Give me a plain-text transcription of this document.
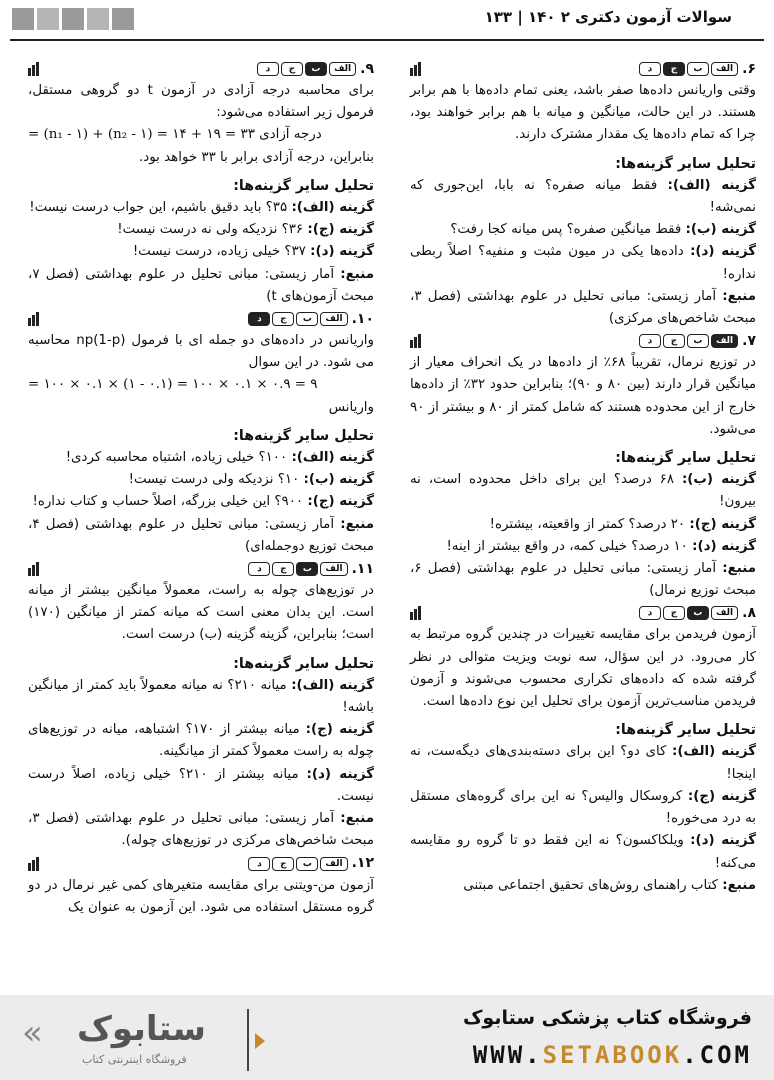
سوالات آزمون دکتری ۲ ۱۴۰ | ۱۳۳
۶.
الف
ب
ج
د

وقتی واریانس داده‌ها صفر باشد، یعنی تمام داده‌ها با هم برابر هستند. در این حالت، میانگین و میانه با هم برابر خواهند بود، چرا که تمام داده‌ها یک مقدار مشترک دارند.

تحلیل سایر گزینه‌ها:

گزینه (الف): فقط میانه صفره؟ نه بابا، این‌جوری که نمی‌شه!

گزینه (ب): فقط میانگین صفره؟ پس میانه کجا رفت؟

گزینه (د): داده‌ها یکی در میون مثبت و منفیه؟ اصلاً ربطی نداره!

منبع: آمار زیستی: مبانی تحلیل در علوم بهداشتی (فصل ۳، مبحث شاخص‌های مرکزی)

۷.
الف
ب
ج
د

در توزیع نرمال، تقریباً ۶۸٪ از داده‌ها در یک انحراف معیار از میانگین قرار دارند (بین ۸۰ و ۹۰)؛ بنابراین حدود ۳۲٪ از داده‌ها خارج از این محدوده هستند که شامل کمتر از ۸۰ و بیشتر از ۹۰ می‌شود.

تحلیل سایر گزینه‌ها:

گزینه (ب): ۶۸ درصد؟ این برای داخل محدوده است، نه بیرون!

گزینه (ج): ۲۰ درصد؟ کمتر از واقعیته، بیشتره!

گزینه (د): ۱۰ درصد؟ خیلی کمه، در واقع بیشتر از اینه!

منبع: آمار زیستی: مبانی تحلیل در علوم بهداشتی (فصل ۶، مبحث توزیع نرمال)

۸.
الف
ب
ج
د

آزمون فریدمن برای مقایسه تغییرات در چندین گروه مرتبط به کار می‌رود. در این سؤال، سه نوبت ویزیت متوالی در نظر گرفته شده که داده‌های تکراری محسوب می‌شوند و آزمون فریدمن مناسب‌ترین آزمون برای تحلیل این نوع داده‌ها است.

تحلیل سایر گزینه‌ها:

گزینه (الف): کای دو؟ این برای دسته‌بندی‌های دیگه‌ست، نه اینجا!

گزینه (ج): کروسکال والیس؟ نه این برای گروه‌های مستقل به درد می‌خوره!

گزینه (د): ویلکاکسون؟ نه این فقط دو تا گروه رو مقایسه می‌کنه!

منبع: کتاب راهنمای روش‌های تحقیق اجتماعی مبتنی

۹.
الف
ب
ج
د

برای محاسبه درجه آزادی در آزمون t دو گروهی مستقل، فرمول زیر استفاده می‌شود:

= (n₁ - ۱) + (n₂ - ۱) = ۱۴ + ۱۹ = ۳۳ درجه آزادی

بنابراین، درجه آزادی برابر با ۳۳ خواهد بود.

تحلیل سایر گزینه‌ها:

گزینه (الف): ۳۵؟ باید دقیق باشیم، این جواب درست نیست!

گزینه (ج): ۳۶؟ نزدیکه ولی نه درست نیست!

گزینه (د): ۳۷؟ خیلی زیاده، درست نیست!

منبع: آمار زیستی: مبانی تحلیل در علوم بهداشتی (فصل ۷، مبحث آزمون‌های t)

۱۰.
الف
ب
ج
د

واریانس در داده‌های دو جمله ای با فرمول (np(1-p محاسبه می شود. در این سوال

= ۱۰۰ × ۰.۱ × (۱ - ۰.۱) = ۱۰۰ × ۰.۱ × ۰.۹ = ۹

واریانس

تحلیل سایر گزینه‌ها:

گزینه (الف): ۱۰۰؟ خیلی زیاده، اشتباه محاسبه کردی!

گزینه (ب): ۱۰؟ نزدیکه ولی درست نیست!

گزینه (ج): ۹۰۰؟ این خیلی بزرگه، اصلاً حساب و کتاب نداره!

منبع: آمار زیستی: مبانی تحلیل در علوم بهداشتی (فصل ۴، مبحث توزیع دوجمله‌ای)

۱۱.
الف
ب
ج
د

در توزیع‌های چوله به راست، معمولاً میانگین بیشتر از میانه است. این بدان معنی است که میانه کمتر از میانگین (۱۷۰) است؛ بنابراین، گزینه گزینه (ب) درست است.

تحلیل سایر گزینه‌ها:

گزینه (الف): میانه ۲۱۰؟ نه میانه معمولاً باید کمتر از میانگین باشه!

گزینه (ج): میانه بیشتر از ۱۷۰؟ اشتباهه، میانه در توزیع‌های چوله به راست معمولاً کمتر از میانگینه.

گزینه (د): میانه بیشتر از ۲۱۰؟ خیلی زیاده، اصلاً درست نیست.

منبع: آمار زیستی: مبانی تحلیل در علوم بهداشتی (فصل ۳، مبحث شاخص‌های مرکزی در توزیع‌های چوله).

۱۲.
الف
ب
ج
د

آزمون من-ویتنی برای مقایسه متغیرهای کمی غیر نرمال در دو گروه مستقل استفاده می شود. این آزمون به عنوان یک

« ستابوک
فروشگاه اینترنتی کتاب
فروشگاه کتاب پزشکی ستابوک
WWW.SETABOOK.COM
